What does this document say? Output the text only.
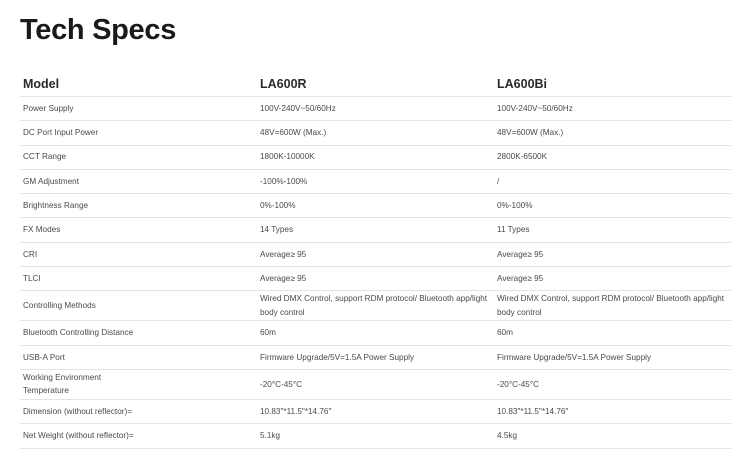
Tech Specs
Model	LA600R	LA600Bi
Power Supply	100V-240V~50/60Hz	100V-240V~50/60Hz
DC Port Input Power	48V=600W (Max.)	48V=600W (Max.)
CCT Range	1800K-10000K	2800K-6500K
GM Adjustment	-100%-100%	/
Brightness Range	0%-100%	0%-100%
FX Modes	14 Types	11 Types
CRI	Average≥ 95	Average≥ 95
TLCI	Average≥ 95	Average≥ 95
Controlling Methods	Wired DMX Control, support RDM protocol/ Bluetooth app/light body control	Wired DMX Control, support RDM protocol/ Bluetooth app/light body control
Bluetooth Controlling Distance	60m	60m
USB-A Port	Firmware Upgrade/5V=1.5A Power Supply	Firmware Upgrade/5V=1.5A Power Supply
Working Environment Temperature	-20°C-45°C	-20°C-45°C
Dimension (without reflector)=	10.83"*11.5"*14.76"	10.83"*11.5"*14.76"
Net Weight (without reflector)=	5.1kg	4.5kg
